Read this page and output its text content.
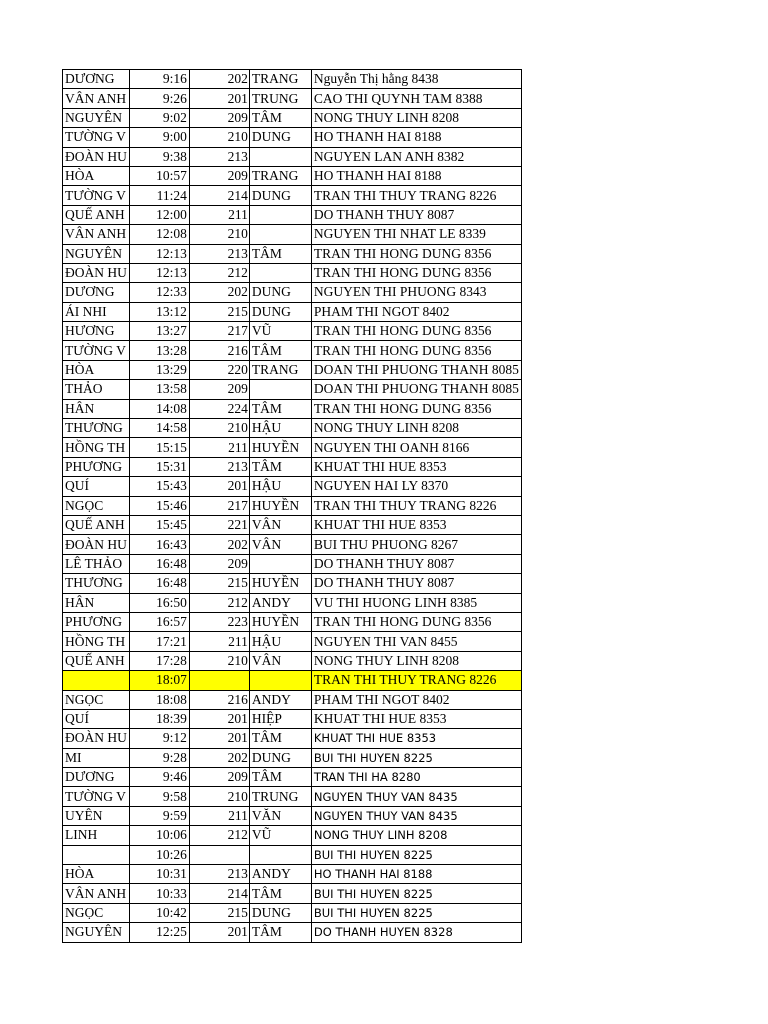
DƯƠNG	9:16	202	TRANG	Nguyễn Thị hằng 8438
VÂN ANH	9:26	201	TRUNG	CAO THI QUYNH TAM 8388
NGUYÊN	9:02	209	TÂM	NONG THUY LINH 8208
TƯỜNG V	9:00	210	DUNG	HO THANH HAI 8188
ĐOÀN HU	9:38	213		NGUYEN LAN ANH 8382
HÒA	10:57	209	TRANG	HO THANH HAI 8188
TƯỜNG V	11:24	214	DUNG	TRAN THI THUY TRANG 8226
QUẾ ANH	12:00	211		DO THANH THUY 8087
VÂN ANH	12:08	210		NGUYEN THI NHAT LE 8339
NGUYÊN	12:13	213	TÂM	TRAN THI HONG DUNG 8356
ĐOÀN HU	12:13	212		TRAN THI HONG DUNG 8356
DƯƠNG	12:33	202	DUNG	NGUYEN THI PHUONG 8343
ÁI NHI	13:12	215	DUNG	PHAM THI NGOT 8402
HƯƠNG	13:27	217	VŨ	TRAN THI HONG DUNG 8356
TƯỜNG V	13:28	216	TÂM	TRAN THI HONG DUNG 8356
HÒA	13:29	220	TRANG	DOAN THI PHUONG THANH 8085
THẢO	13:58	209		DOAN THI PHUONG THANH 8085
HÂN	14:08	224	TÂM	TRAN THI HONG DUNG 8356
THƯƠNG	14:58	210	HẬU	NONG THUY LINH 8208
HỒNG TH	15:15	211	HUYỀN	NGUYEN THI OANH 8166
PHƯƠNG	15:31	213	TÂM	KHUAT THI HUE 8353
QUÍ	15:43	201	HẬU	NGUYEN HAI LY 8370
NGỌC	15:46	217	HUYỀN	TRAN THI THUY TRANG 8226
QUẾ ANH	15:45	221	VÂN	KHUAT THI HUE 8353
ĐOÀN HU	16:43	202	VÂN	BUI THU PHUONG 8267
LÊ THẢO	16:48	209		DO THANH THUY 8087
THƯƠNG	16:48	215	HUYỀN	DO THANH THUY 8087
HÂN	16:50	212	ANDY	VU THI HUONG LINH 8385
PHƯƠNG	16:57	223	HUYỀN	TRAN THI HONG DUNG 8356
HỒNG TH	17:21	211	HẬU	NGUYEN THI VAN 8455
QUẾ ANH	17:28	210	VÂN	NONG THUY LINH 8208
	18:07			TRAN THI THUY TRANG 8226
NGỌC	18:08	216	ANDY	PHAM THI NGOT 8402
QUÍ	18:39	201	HIỆP	KHUAT THI HUE 8353
ĐOÀN HU	9:12	201	TÂM	KHUAT THI HUE 8353
MI	9:28	202	DUNG	BUI THI HUYEN 8225
DƯƠNG	9:46	209	TÂM	TRAN THI HA 8280
TƯỜNG V	9:58	210	TRUNG	NGUYEN THUY VAN 8435
UYÊN	9:59	211	VĂN	NGUYEN THUY VAN 8435
LINH	10:06	212	VŨ	NONG THUY LINH 8208
	10:26			BUI THI HUYEN 8225
HÒA	10:31	213	ANDY	HO THANH HAI 8188
VÂN ANH	10:33	214	TÂM	BUI THI HUYEN 8225
NGỌC	10:42	215	DUNG	BUI THI HUYEN 8225
NGUYÊN	12:25	201	TÂM	DO THANH HUYEN 8328
